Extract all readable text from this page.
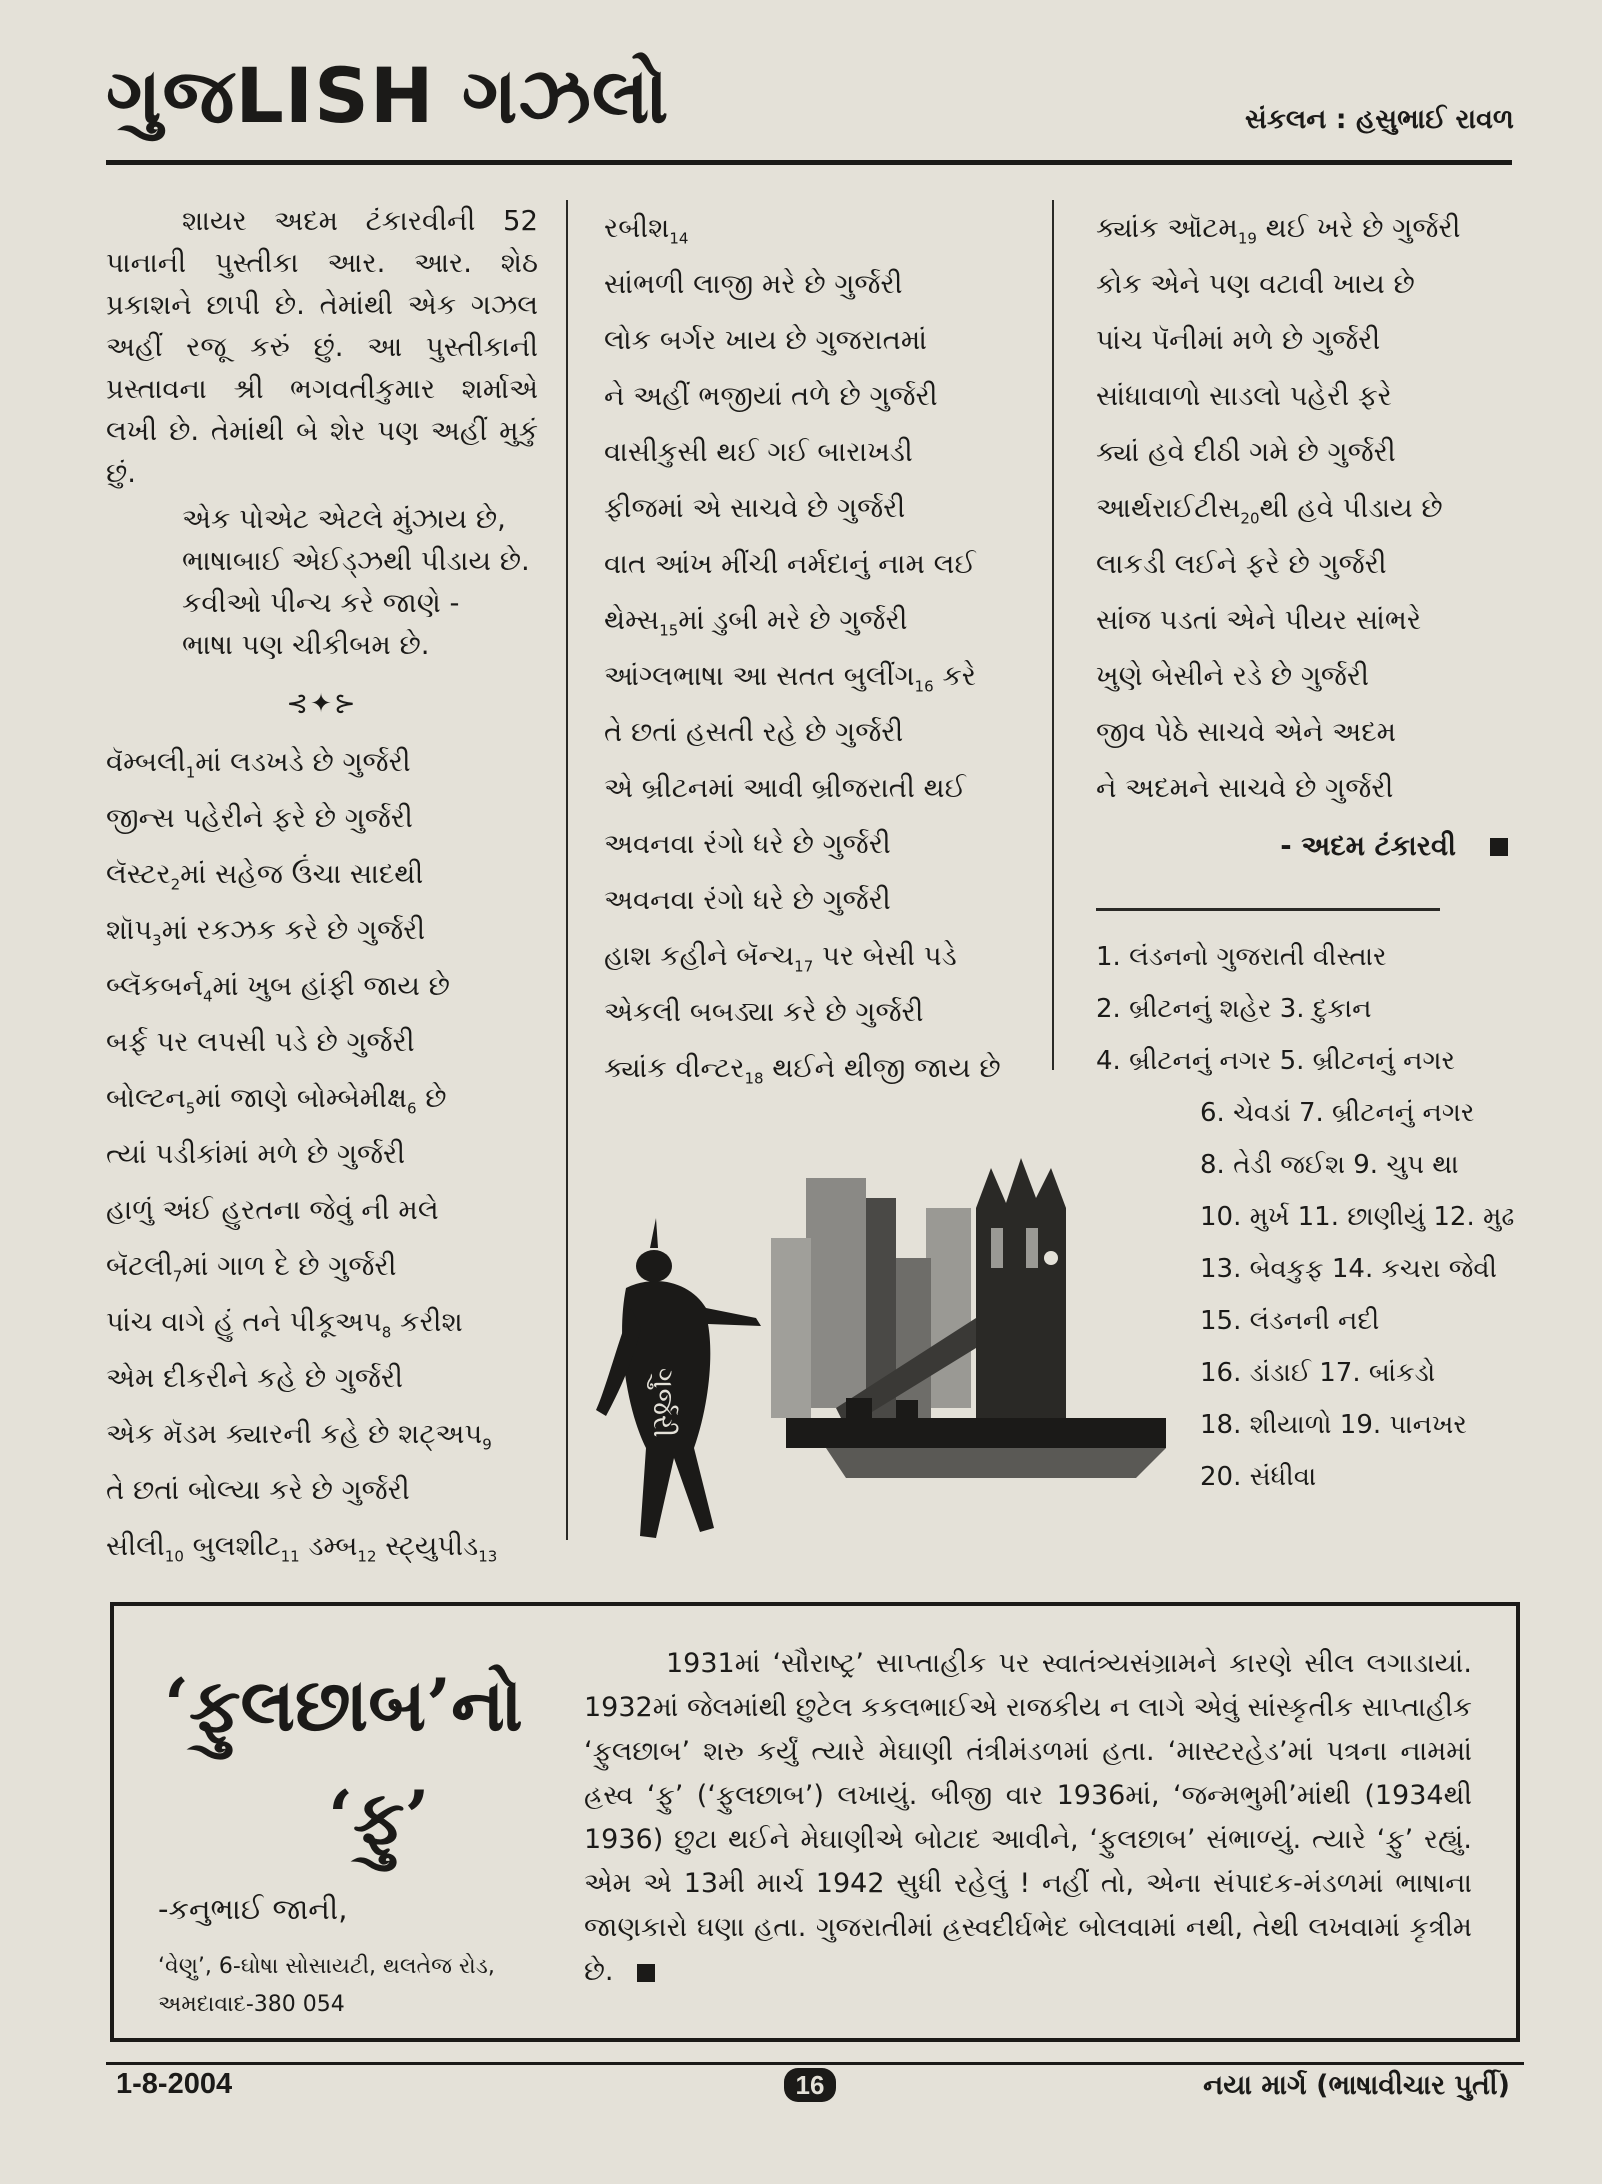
ગુજLISH ગઝલો	સંકલન : હસુભાઈ રાવળ

શાયર અદમ ટંકારવીની 52 પાનાની પુસ્તીકા આર. આર. શેઠ પ્રકાશને છાપી છે. તેમાંથી એક ગઝલ અહીં રજૂ કરું છું. આ પુસ્તીકાની પ્રસ્તાવના શ્રી ભગવતીકુમાર શર્માએ લખી છે. તેમાંથી બે શેર પણ અહીં મુકું છું.

એક પોએટ એટલે મુંઝાય છે,
ભાષાબાઈ એઈડ્‌ઝથી પીડાય છે.
કવીઓ પીન્ચ કરે જાણે -
ભાષા પણ ચીકીબમ છે.
⊰✦⊱
$વૅમ્બલી_1માં$ લડખડે છે ગુર્જરી
જીન્સ પહેરીને ફરે છે ગુર્જરી
લૅસ્ટર$_2$માં સહેજ ઉંચા સાદથી
શૉપ$_3$માં રકઝક કરે છે ગુર્જરી
બ્લૅકબર્ન$_4$માં ખુબ હાંફી જાય છે
બર્ફ પર લપસી પડે છે ગુર્જરી
બોલ્ટન$_5$માં જાણે બોમ્બેમીક્ષ$_6$ છે
ત્યાં પડીકાંમાં મળે છે ગુર્જરી
હાળું અંઈ હુરતના જેવું ની મલે
$બૅટલી_7માં$ ગાળ દે છે ગુર્જરી
પાંચ વાગે હું તને પીકૂઅપ$_8$ કરીશ
એમ દીકરીને કહે છે ગુર્જરી
એક મૅડમ ક્યારની કહે છે શટ્‌અપ$_9$
તે છતાં બોલ્યા કરે છે ગુર્જરી
$સીલી_{10}$ બુલશીટ$_{11}$ ડમ્બ$_{12}$ સ્ટ્યુપીડ$_{13}$
રબીશ$_{14}$
સાંભળી લાજી મરે છે ગુર્જરી
લોક બર્ગર ખાય છે ગુજરાતમાં
ને અહીં ભજીયાં તળે છે ગુર્જરી
વાસીકુસી થઈ ગઈ બારાખડી
ફીજમાં એ સાચવે છે ગુર્જરી
વાત આંખ મીંચી નર્મદાનું નામ લઈ
થેમ્સ$_{15}$માં ડુબી મરે છે ગુર્જરી
આંગ્લભાષા આ સતત બુલીંગ$_{16}$ કરે
તે છતાં હસતી રહે છે ગુર્જરી
એ બ્રીટનમાં આવી બ્રીજરાતી થઈ
અવનવા રંગો ધરે છે ગુર્જરી
અવનવા રંગો ધરે છે ગુર્જરી
હાશ કહીને બૅન્ચ$_{17}$ પર બેસી પડે
એકલી બબડ્યા કરે છે ગુર્જરી
ક્યાંક વીન્ટર$_{18}$ થઈને થીજી જાય છે
ક્યાંક ઑટમ$_{19}$ થઈ ખરે છે ગુર્જરી
કોક એને પણ વટાવી ખાય છે
પાંચ પૅનીમાં મળે છે ગુર્જરી
સાંધાવાળો સાડલો પહેરી ફરે
ક્યાં હવે દીઠી ગમે છે ગુર્જરી
આર્થરાઈટીસ$_{20}$થી હવે પીડાય છે
લાકડી લઈને ફરે છે ગુર્જરી
સાંજ પડતાં એને પીયર સાંભરે
ખુણે બેસીને રડે છે ગુર્જરી
જીવ પેઠે સાચવે એને અદમ
ને અદમને સાચવે છે ગુર્જરી
- અદમ ટંકારવી
1. લંડનનો ગુજરાતી વીસ્તાર
2. બ્રીટનનું શહેર 3. દુકાન
4. બ્રીટનનું નગર 5. બ્રીટનનું નગર
6. ચેવડાં 7. બ્રીટનનું નગર
8. તેડી જઈશ 9. ચુપ થા
10. મુર્ખ 11. છાણીયું 12. મુઢ
13. બેવકુફ 14. કચરા જેવી
15. લંડનની નદી
16. ડાંડાઈ 17. બાંકડો
18. શીયાળો 19. પાનખર
20. સંધીવા
ગુર્જરી
‘ફુલછાબ’નો
‘ફુ’
-કનુભાઈ જાની,
‘વેણુ’, 6-ઘોષા સોસાયટી, થલતેજ રોડ, અમદાવાદ-380 054
1931માં ‘સૌરાષ્ટ્ર’ સાપ્તાહીક પર સ્વાતંત્ર્યસંગ્રામને કારણે સીલ લગાડાયાં. 1932માં જેલમાંથી છુટેલ કકલભાઈએ રાજકીય ન લાગે એવું સાંસ્કૃતીક સાપ્તાહીક ‘ફુલછાબ’ શરુ કર્યું ત્યારે મેઘાણી તંત્રીમંડળમાં હતા. ‘માસ્ટરહેડ’માં પત્રના નામમાં હ્રસ્વ ‘ફુ’ (‘ફુલછાબ’) લખાયું. બીજી વાર 1936માં, ‘જન્મભુમી’માંથી (1934થી 1936) છુટા થઈને મેઘાણીએ બોટાદ આવીને, ‘ફુલછાબ’ સંભાળ્યું. ત્યારે ‘ફુ’ રહ્યું. એમ એ 13મી માર્ચ 1942 સુધી રહેલું ! નહીં તો, એના સંપાદક-મંડળમાં ભાષાના જાણકારો ઘણા હતા. ગુજરાતીમાં હ્રસ્વદીર્ઘભેદ બોલવામાં નથી, તેથી લખવામાં કૃત્રીમ છે.
1-8-2004	16	નયા માર્ગ (ભાષાવીચાર પુર્તી)
